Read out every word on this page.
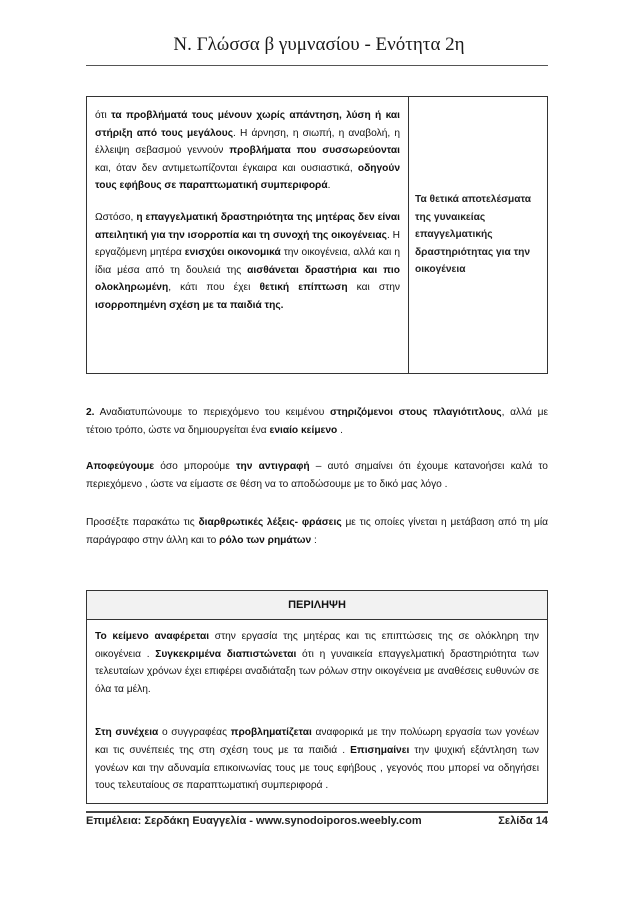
Ν. Γλώσσα β γυμνασίου - Ενότητα 2η

ότι τα προβλήματά τους μένουν χωρίς απάντηση, λύση ή και στήριξη από τους μεγάλους. Η άρνηση, η σιωπή, η αναβολή, η έλλειψη σεβασμού γεννούν προβλήματα που συσσωρεύονται και, όταν δεν αντιμετωπίζονται έγκαιρα και ουσιαστικά, οδηγούν τους εφήβους σε παραπτωματική συμπεριφορά.

Ωστόσο, η επαγγελματική δραστηριότητα της μητέρας δεν είναι απειλητική για την ισορροπία και τη συνοχή της οικογένειας. Η εργαζόμενη μητέρα ενισχύει οικονομικά την οικογένεια, αλλά και η ίδια μέσα από τη δουλειά της αισθάνεται δραστήρια και πιο ολοκληρωμένη, κάτι που έχει θετική επίπτωση και στην ισορροπημένη σχέση με τα παιδιά της.

Τα θετικά αποτελέσματα της γυναικείας επαγγελματικής δραστηριότητας για την οικογένεια

2. Αναδιατυπώνουμε το περιεχόμενο του κειμένου στηριζόμενοι στους πλαγιότιτλους, αλλά με τέτοιο τρόπο, ώστε να δημιουργείται ένα ενιαίο κείμενο .

Αποφεύγουμε όσο μπορούμε την αντιγραφή – αυτό σημαίνει ότι έχουμε κατανοήσει καλά το περιεχόμενο , ώστε να είμαστε σε θέση να το αποδώσουμε με το δικό μας λόγο .

Προσέξτε παρακάτω τις διαρθρωτικές λέξεις- φράσεις με τις οποίες γίνεται η μετάβαση από τη μία παράγραφο στην άλλη και το ρόλο των ρημάτων :

ΠΕΡΙΛΗΨΗ

Το κείμενο αναφέρεται στην εργασία της μητέρας και τις επιπτώσεις της σε ολόκληρη την οικογένεια . Συγκεκριμένα διαπιστώνεται ότι η γυναικεία επαγγελματική δραστηριότητα των τελευταίων χρόνων έχει επιφέρει αναδιάταξη των ρόλων στην οικογένεια με αναθέσεις ευθυνών σε όλα τα μέλη.

Στη συνέχεια ο συγγραφέας προβληματίζεται αναφορικά με την πολύωρη εργασία των γονέων και τις συνέπειές της στη σχέση τους με τα παιδιά . Επισημαίνει την ψυχική εξάντληση των γονέων και την αδυναμία επικοινωνίας τους με τους εφήβους , γεγονός που μπορεί να οδηγήσει τους τελευταίους σε παραπτωματική συμπεριφορά .

Επιμέλεια: Σερδάκη Ευαγγελία - www.synodoiporos.weebly.com	Σελίδα 14
